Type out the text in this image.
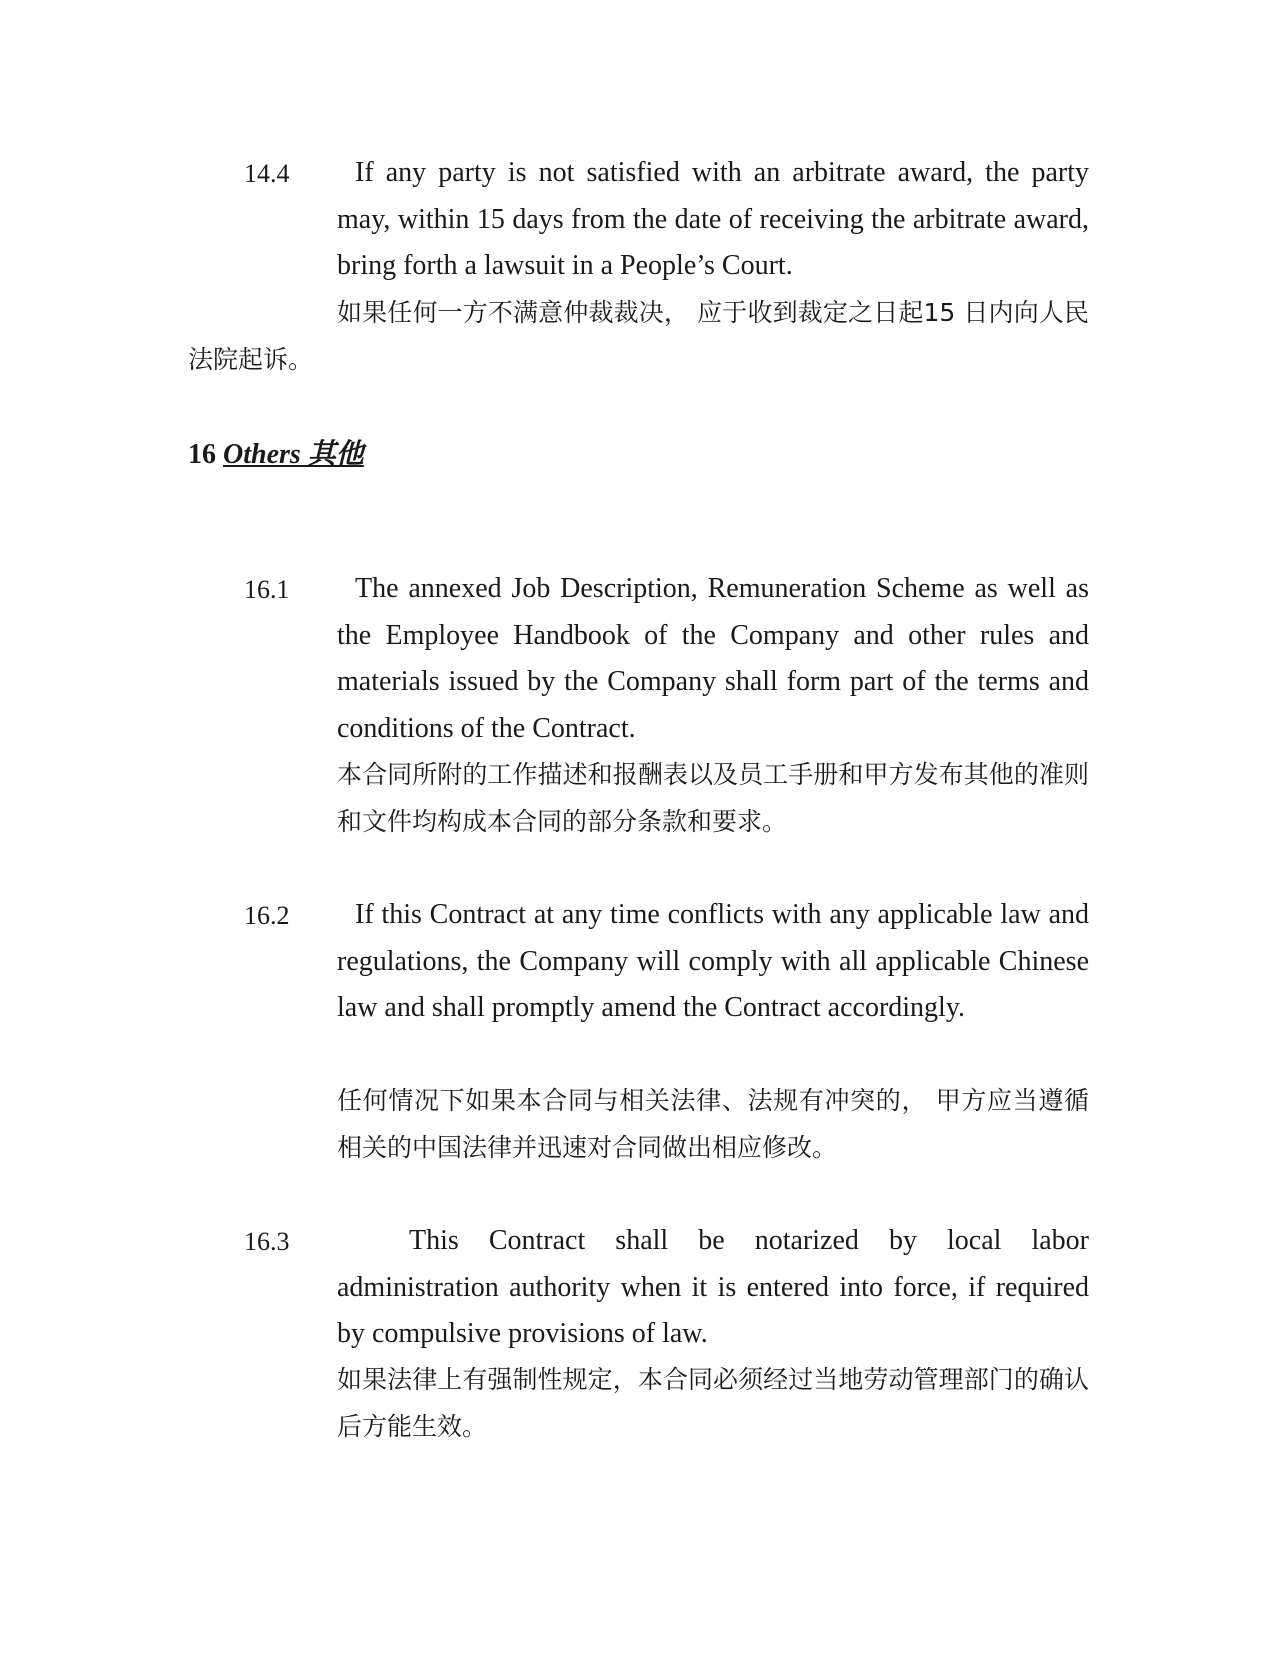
14.4	If any party is not satisfied with an arbitrate award, the party may, within 15 days from the date of receiving the arbitrate award, bring forth a lawsuit in a People’s Court.

如果任何一方不满意仲裁裁决， 应于收到裁定之日起15 日内向人民法院起诉。

16 Others 其他
16.1	The annexed Job Description, Remuneration Scheme as well as the Employee Handbook of the Company and other rules and materials issued by the Company shall form part of the terms and conditions of the Contract.

本合同所附的工作描述和报酬表以及员工手册和甲方发布其他的准则和文件均构成本合同的部分条款和要求。

16.2	If this Contract at any time conflicts with any applicable law and regulations, the Company will comply with all applicable Chinese law and shall promptly amend the Contract accordingly.

任何情况下如果本合同与相关法律、法规有冲突的， 甲方应当遵循相关的中国法律并迅速对合同做出相应修改。

16.3	This Contract shall be notarized by local labor administration authority when it is entered into force, if required by compulsive provisions of law.

如果法律上有强制性规定，本合同必须经过当地劳动管理部门的确认后方能生效。
